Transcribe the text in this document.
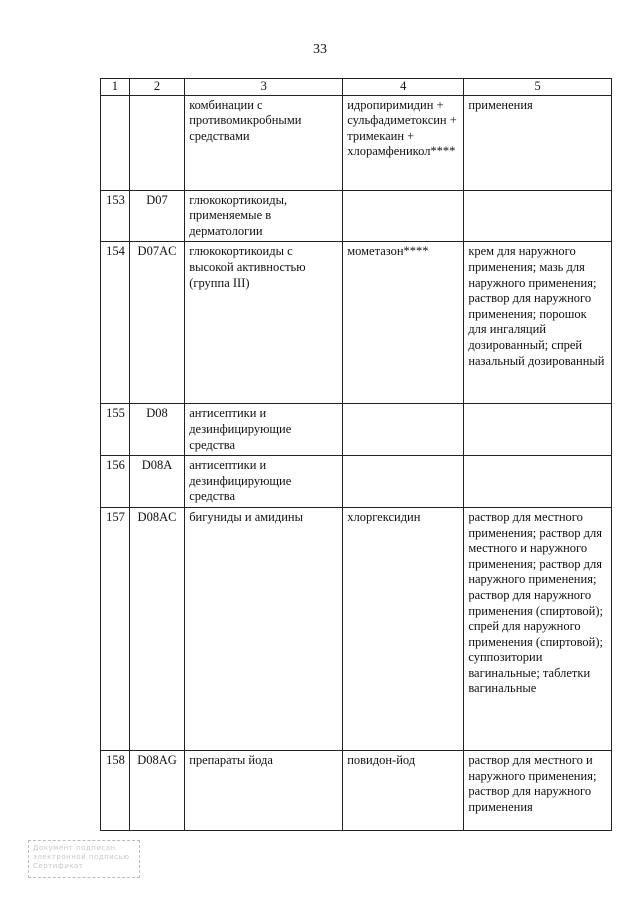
33
1	2	3	4	5
		комбинации с противомикробными средствами	идропиримидин + сульфадиметоксин + тримекаин + хлорамфеникол****	применения
153	D07	глюкокортикоиды, применяемые в дерматологии		
154	D07AC	глюкокортикоиды с высокой активностью (группа III)	мометазон****	крем для наружного применения; мазь для наружного применения; раствор для наружного применения; порошок для ингаляций дозированный; спрей назальный дозированный
155	D08	антисептики и дезинфицирующие средства		
156	D08A	антисептики и дезинфицирующие средства		
157	D08AC	бигуниды и амидины	хлоргексидин	раствор для местного применения; раствор для местного и наружного применения; раствор для наружного применения; раствор для наружного применения (спиртовой); спрей для наружного применения (спиртовой); суппозитории вагинальные; таблетки вагинальные
158	D08AG	препараты йода	повидон-йод	раствор для местного и наружного применения; раствор для наружного применения
Документ подписан
электронной подписью
Сертификат
